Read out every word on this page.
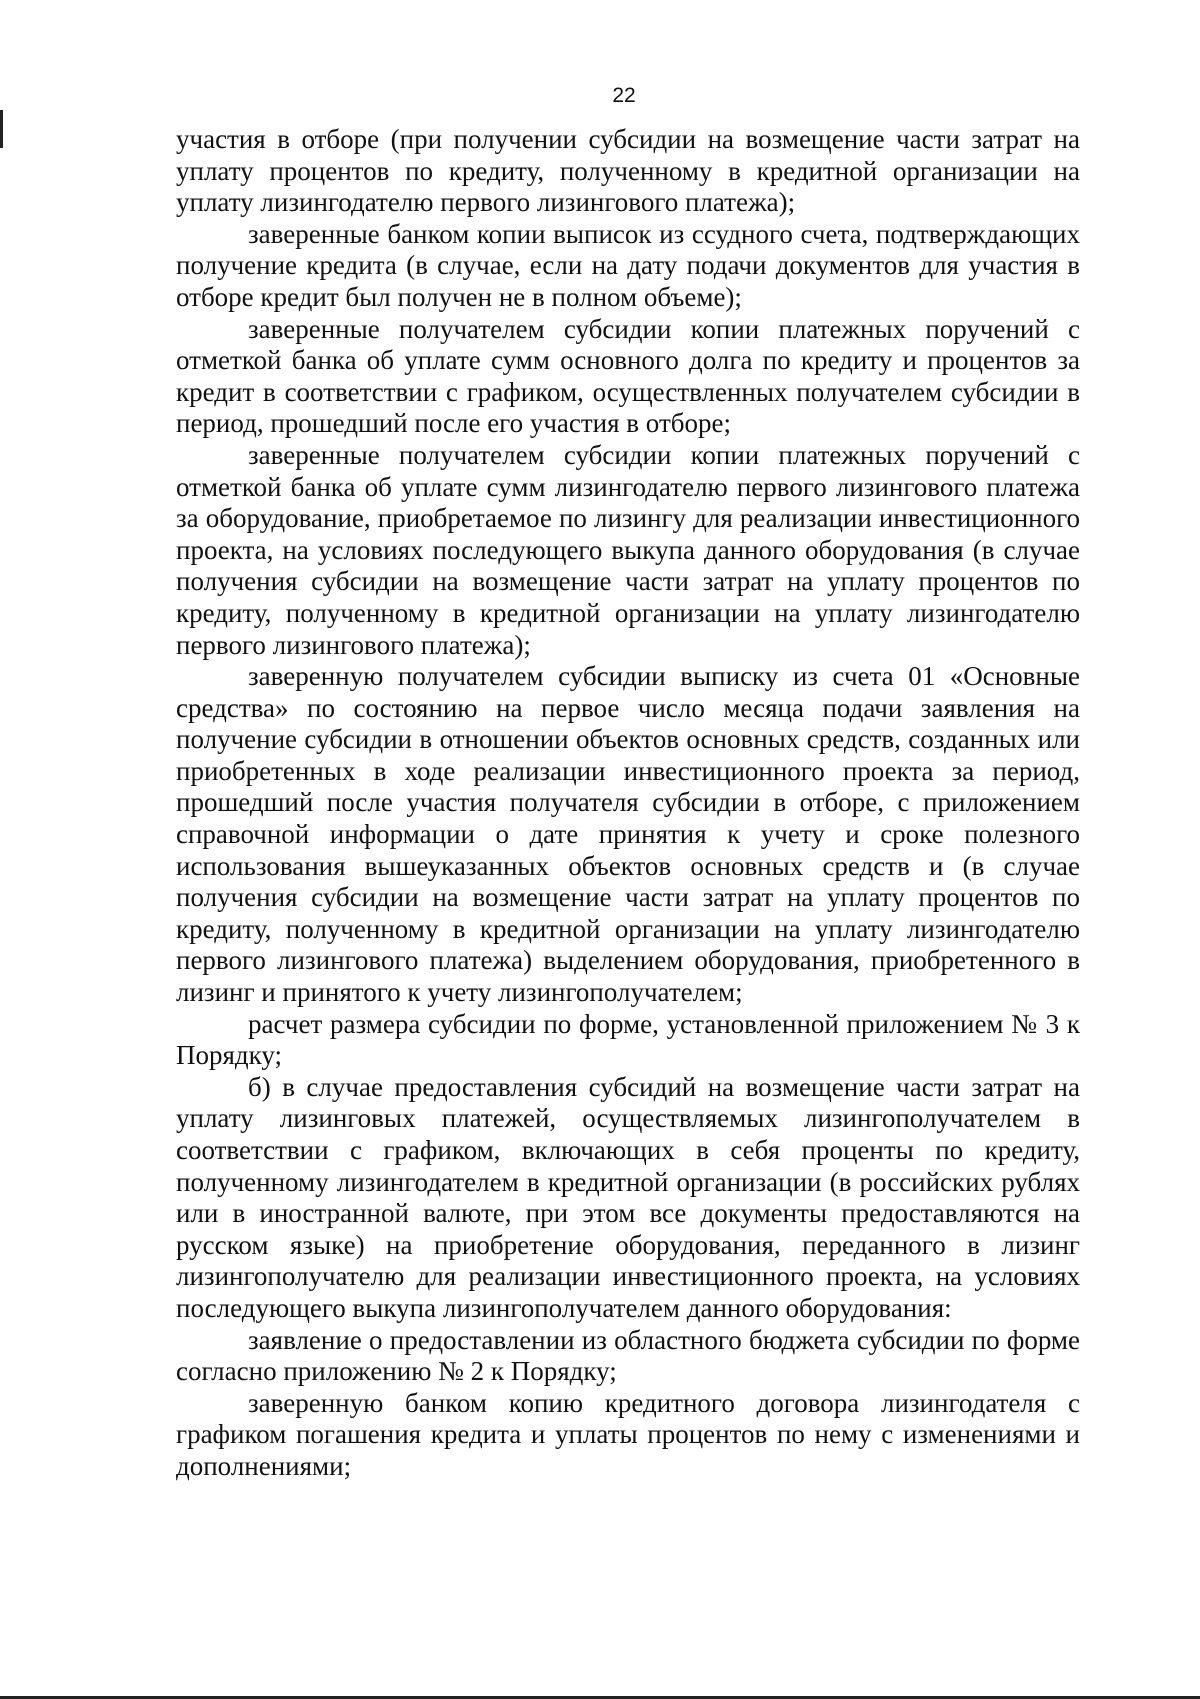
22

участия в отборе (при получении субсидии на возмещение части затрат на уплату процентов по кредиту, полученному в кредитной организации на уплату лизингодателю первого лизингового платежа);

заверенные банком копии выписок из ссудного счета, подтверждающих получение кредита (в случае, если на дату подачи документов для участия в отборе кредит был получен не в полном объеме);

заверенные получателем субсидии копии платежных поручений с отметкой банка об уплате сумм основного долга по кредиту и процентов за кредит в соответствии с графиком, осуществленных получателем субсидии в период, прошедший после его участия в отборе;

заверенные получателем субсидии копии платежных поручений с отметкой банка об уплате сумм лизингодателю первого лизингового платежа за оборудование, приобретаемое по лизингу для реализации инвестиционного проекта, на условиях последующего выкупа данного оборудования (в случае получения субсидии на возмещение части затрат на уплату процентов по кредиту, полученному в кредитной организации на уплату лизингодателю первого лизингового платежа);

заверенную получателем субсидии выписку из счета 01 «Основные средства» по состоянию на первое число месяца подачи заявления на получение субсидии в отношении объектов основных средств, созданных или приобретенных в ходе реализации инвестиционного проекта за период, прошедший после участия получателя субсидии в отборе, с приложением справочной информации о дате принятия к учету и сроке полезного использования вышеуказанных объектов основных средств и (в случае получения субсидии на возмещение части затрат на уплату процентов по кредиту, полученному в кредитной организации на уплату лизингодателю первого лизингового платежа) выделением оборудования, приобретенного в лизинг и принятого к учету лизингополучателем;

расчет размера субсидии по форме, установленной приложением № 3 к Порядку;

б) в случае предоставления субсидий на возмещение части затрат на уплату лизинговых платежей, осуществляемых лизингополучателем в соответствии с графиком, включающих в себя проценты по кредиту, полученному лизингодателем в кредитной организации (в российских рублях или в иностранной валюте, при этом все документы предоставляются на русском языке) на приобретение оборудования, переданного в лизинг лизингополучателю для реализации инвестиционного проекта, на условиях последующего выкупа лизингополучателем данного оборудования:

заявление о предоставлении из областного бюджета субсидии по форме согласно приложению № 2 к Порядку;

заверенную банком копию кредитного договора лизингодателя с графиком погашения кредита и уплаты процентов по нему с изменениями и дополнениями;
